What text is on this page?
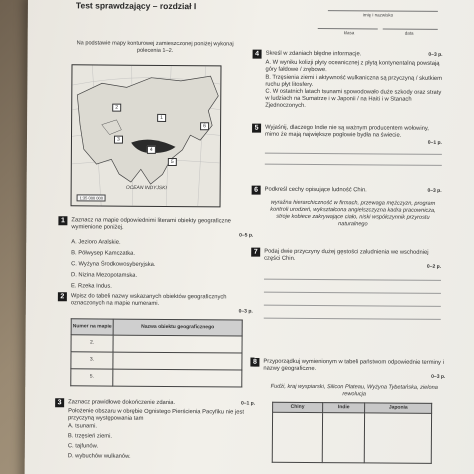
Test sprawdzający – rozdział I
imię i nazwisko
klasa	data
Na podstawie mapy konturowej zamieszczonej poniżej wykonaj polecenia 1–2.
OCEAN INDYJSKI
1:35 000 000
2
1
6
3
4
5
1	Zaznacz na mapie odpowiednimi literami obiekty geograficzne wymienione poniżej.
0–5 p.
A. Jezioro Aralskie.
B. Półwysep Kamczatka.
C. Wyżyna Środkowosyberyjska.
D. Nizina Mezopotamska.
E. Rzeka Indus.
2	Wpisz do tabeli nazwy wskazanych obiektów geograficznych oznaczonych na mapie numerami.
0–3 p.
Numer na mapie	Nazwa obiektu geograficznego
2.	
3.	
5.	
3	Zaznacz prawidłowe dokończenie zdania.	0–1 p.
Położenie obszaru w obrębie Ognistego Pierścienia Pacyfiku nie jest przyczyną występowania tam
A. tsunami.
B. trzęsień ziemi.
C. tajfunów.
D. wybuchów wulkanów.
4	Skreśl w zdaniach błędne informacje.	0–3 p.
A. W wyniku kolizji płyty oceanicznej z płytą kontynentalną powstają góry fałdowe / zrębowe.
B. Trzęsienia ziemi i aktywność wulkaniczna są przyczyną / skutkiem ruchu płyt litosfery.
C. W ostatnich latach tsunami spowodowało duże szkody oraz straty w ludziach na Sumatrze i w Japonii / na Haiti i w Stanach Zjednoczonych.
5	Wyjaśnij, dlaczego Indie nie są ważnym producentem wołowiny, mimo że mają największe pogłowie bydła na świecie.
0–1 p.
6	Podkreśl cechy opisujące ludność Chin.	0–3 p.
wyraźna hierarchiczność w firmach, przewaga mężczyzn, program kontroli urodzeń, wykształcona angielszczyzna kadra pracownicza, stroje kobiece zakrywające ciało, niski współczynnik przyrostu naturalnego
7	Podaj dwie przyczyny dużej gęstości zaludnienia we wschodniej części Chin.
0–2 p.
8	Przyporządkuj wymienionym w tabeli państwom odpowiednie terminy i nazwy geograficzne.
0–3 p.
Fudżi, kraj wyspiarski, Silicon Plateau, Wyżyna Tybetańska, zielona rewolucja
Chiny	Indie	Japonia
